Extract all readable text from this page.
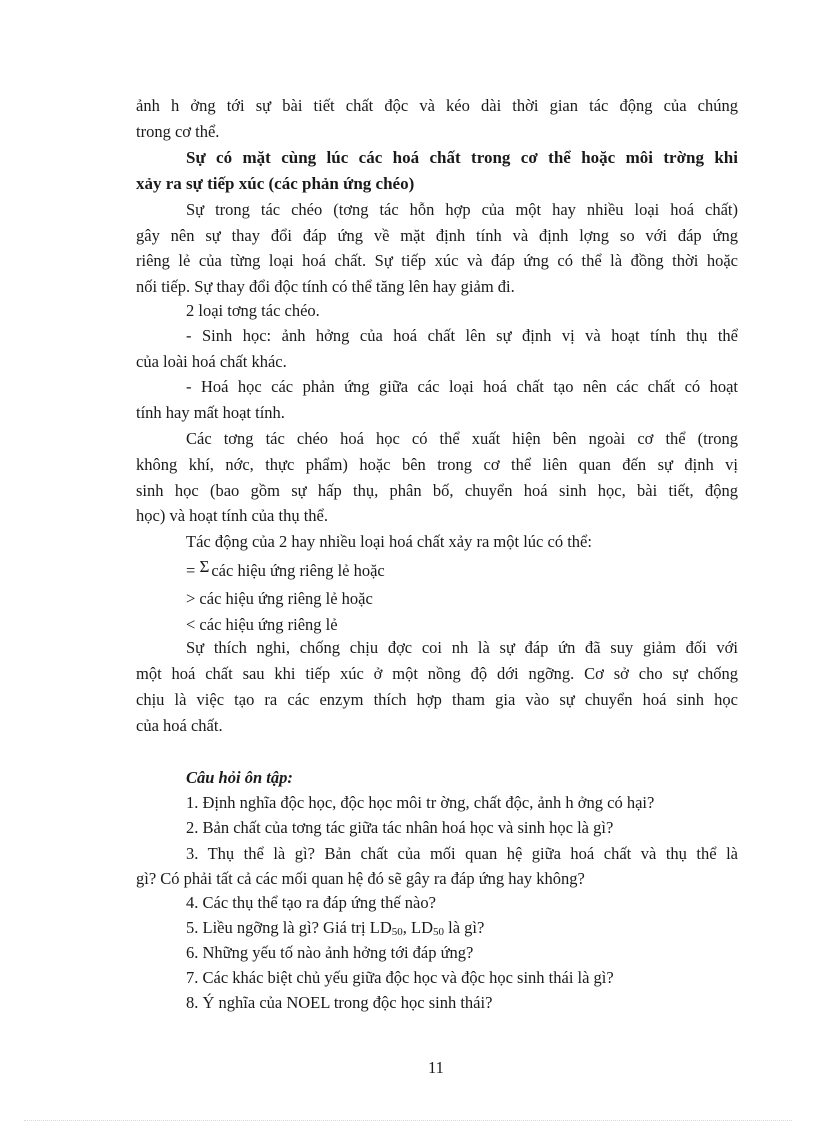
ảnh h ởng tới sự bài tiết chất độc và kéo dài thời gian tác động của chúng
trong cơ thể.
Sự có mặt cùng lúc các hoá chất trong cơ thể hoặc môi tr​ờng khi
xảy ra sự tiếp xúc (các phản ứng chéo)
Sự trong tác chéo (tơng tác hỗn hợp của một hay nhiều loại hoá chất)
gây nên sự thay đổi đáp ứng về mặt định tính và định lợng so với đáp ứng
riêng lẻ của từng loại hoá chất. Sự tiếp xúc và đáp ứng có thể là đồng thời hoặc
nối tiếp. Sự thay đổi độc tính có thể tăng lên hay giảm đi.
2 loại tơng tác chéo.
- Sinh học: ảnh hởng của hoá chất lên sự định vị và hoạt tính thụ thể
của loài hoá chất khác.
- Hoá học các phản ứng giữa các loại hoá chất tạo nên các chất có hoạt
tính hay mất hoạt tính.
Các tơng tác chéo hoá học có thể xuất hiện bên ngoài cơ thể (trong
không khí, nớc, thực phẩm) hoặc bên trong cơ thể liên quan đến sự định vị
sinh học (bao gồm sự hấp thụ, phân bố, chuyển hoá sinh học, bài tiết, động
học) và hoạt tính của thụ thể.
Tác động của 2 hay nhiều loại hoá chất xảy ra một lúc có thể:
= Σ các hiệu ứng riêng lẻ hoặc
> các hiệu ứng riêng lẻ hoặc
< các hiệu ứng riêng lẻ
Sự thích nghi, chống chịu đợc coi nh là sự đáp ứn đã suy giảm đối với
một hoá chất sau khi tiếp xúc ở một nồng độ dới ngỡng. Cơ sở cho sự chống
chịu là việc tạo ra các enzym thích hợp tham gia vào sự chuyển hoá sinh học
của hoá chất.
Câu hỏi ôn tập:
1. Định nghĩa độc học, độc học môi tr ờng, chất độc, ảnh h ởng có hại?
2. Bản chất của tơng tác giữa tác nhân hoá học và sinh học là gì?
3. Thụ thể là gì? Bản chất của mối quan hệ giữa hoá chất và thụ thể là
gì? Có phải tất cả các mối quan hệ đó sẽ gây ra đáp ứng hay không?
4. Các thụ thể tạo ra đáp ứng thế nào?
5. Liều ngỡng là gì? Giá trị $LD_{50}$, $LD_{50}$ là gì?
6. Những yếu tố nào ảnh hởng tới đáp ứng?
7. Các khác biệt chủ yếu giữa độc học và độc học sinh thái là gì?
8. Ý nghĩa của NOEL trong độc học sinh thái?
11
